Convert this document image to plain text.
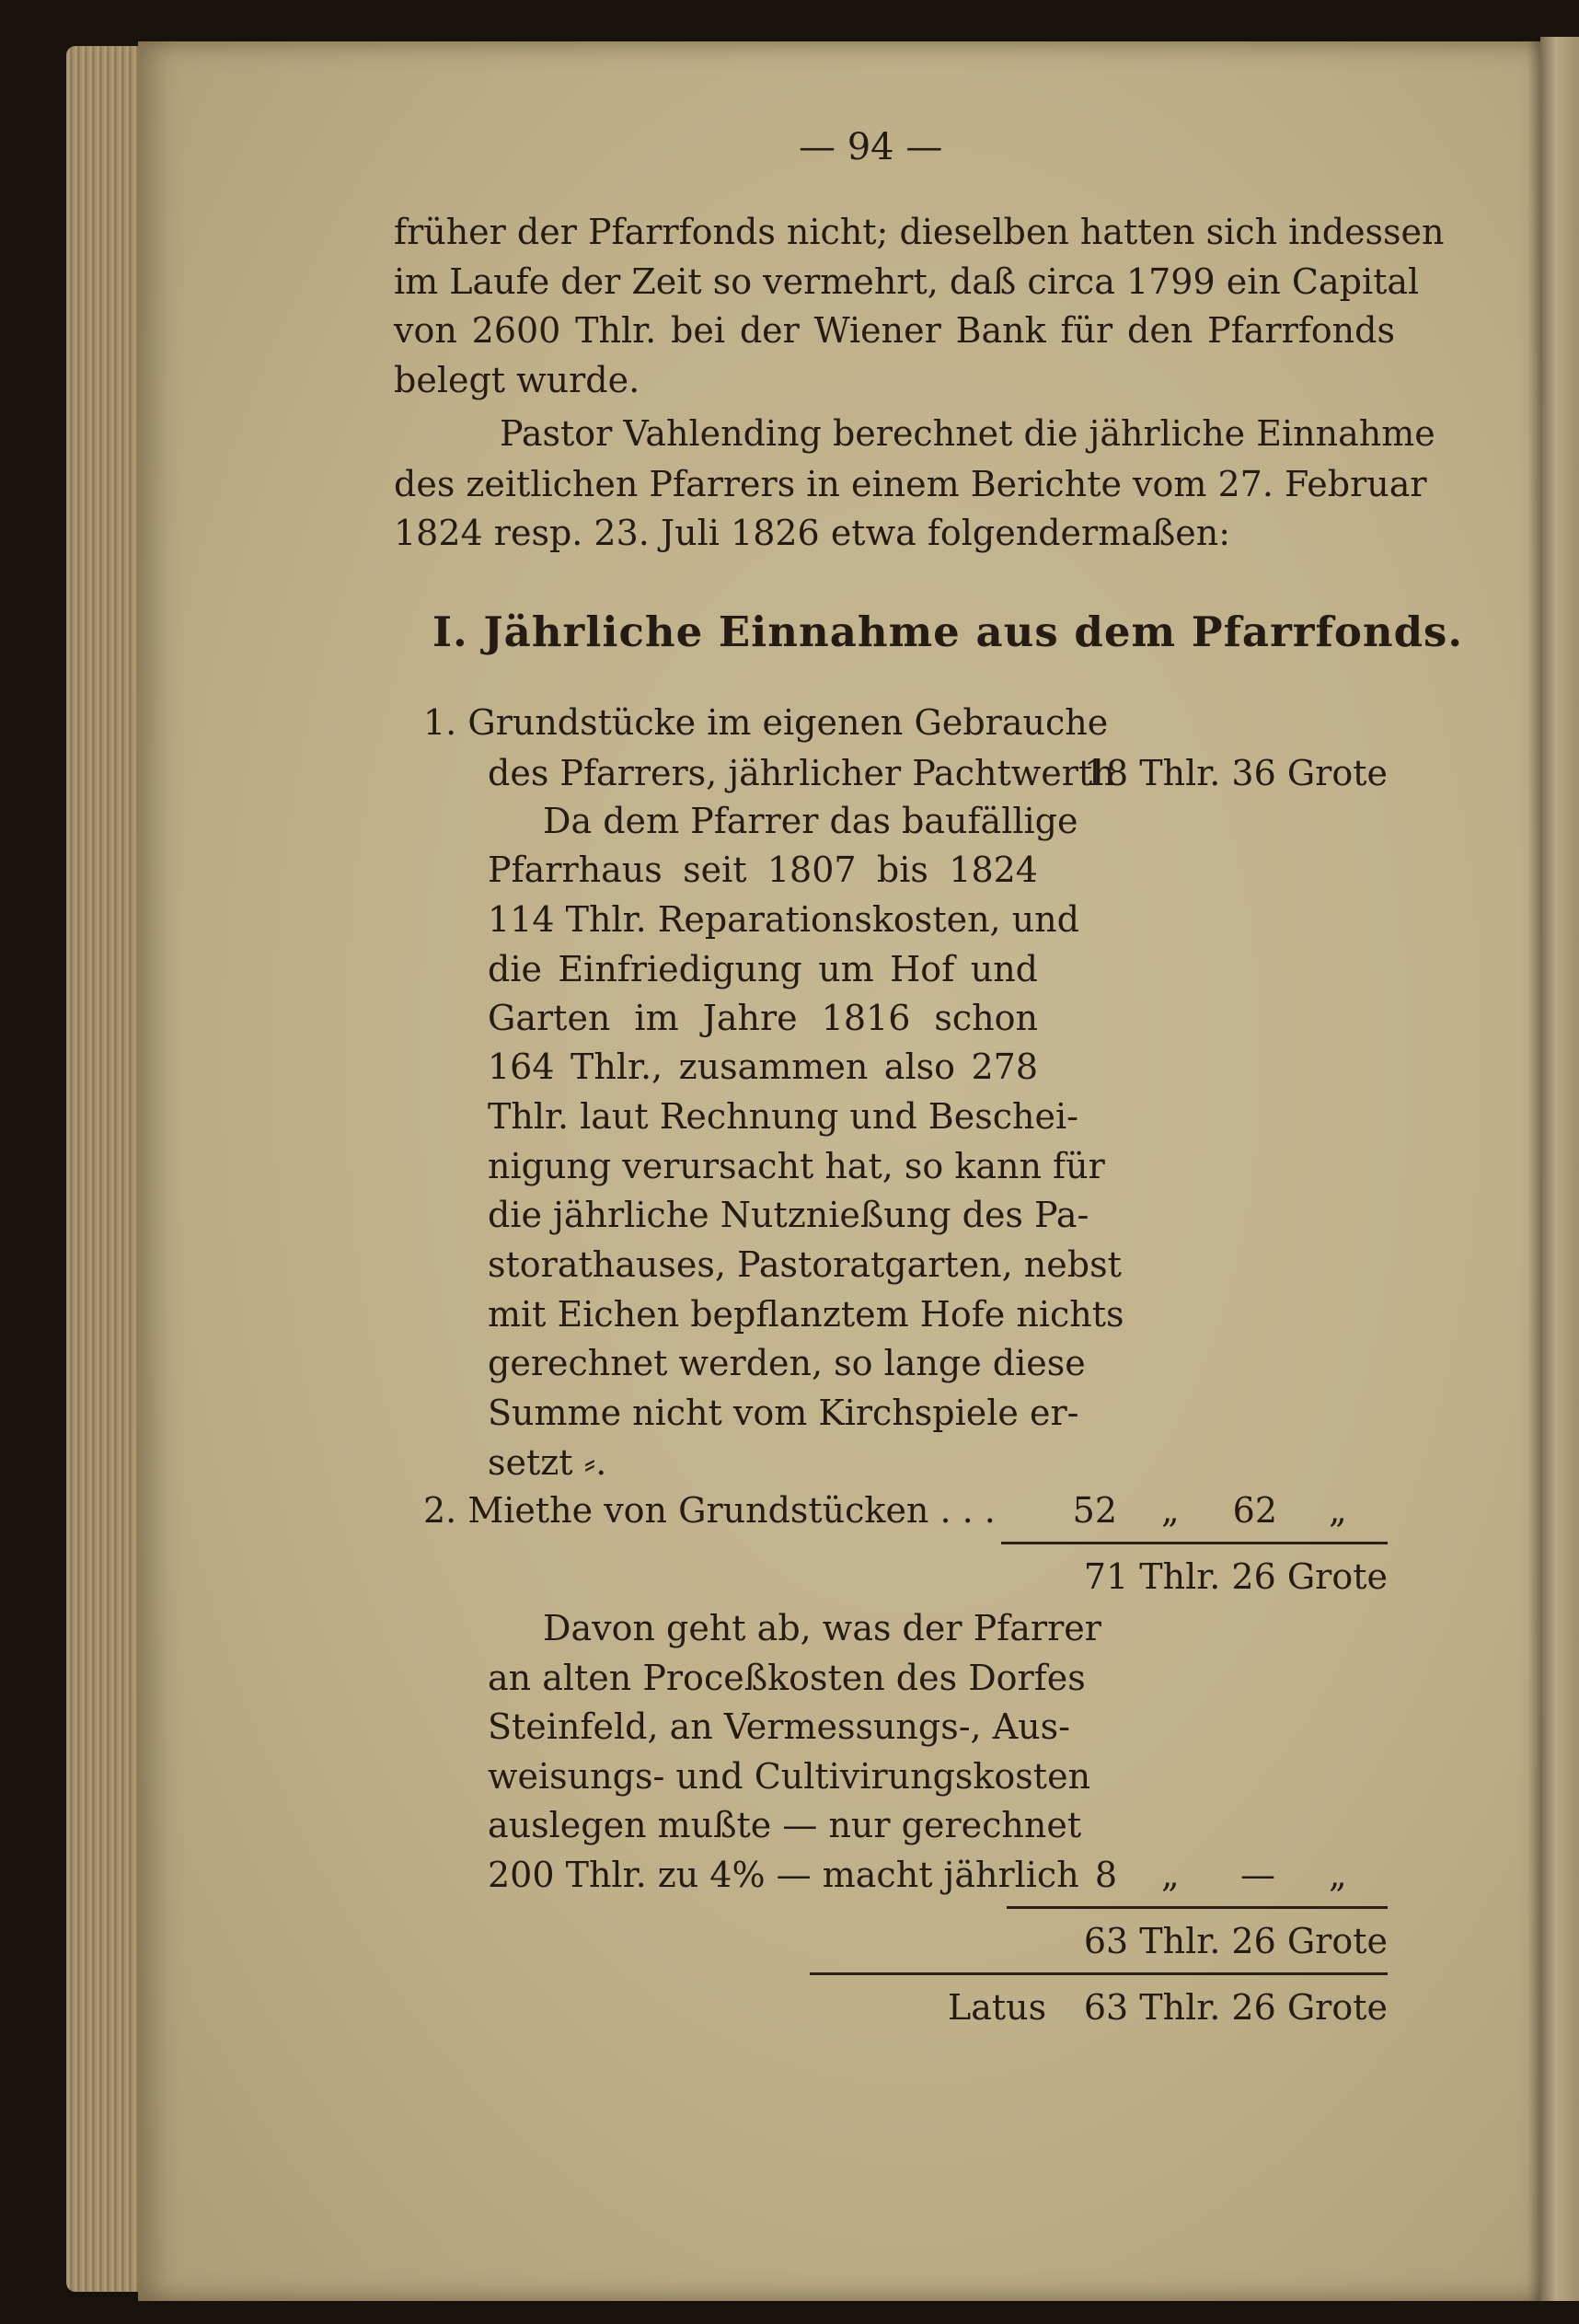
— 94 —
früher der Pfarrfonds nicht; dieselben hatten sich indessen
im Laufe der Zeit so vermehrt, daß circa 1799 ein Capital
von 2600 Thlr. bei der Wiener Bank für den Pfarrfonds
belegt wurde.
Pastor Vahlending berechnet die jährliche Einnahme
des zeitlichen Pfarrers in einem Berichte vom 27. Februar
1824 resp. 23. Juli 1826 etwa folgendermaßen:
I. Jährliche Einnahme aus dem Pfarrfonds.
1. Grundstücke im eigenen Gebrauche
des Pfarrers, jährlicher Pachtwerth
18 Thlr. 36 Grote
Da dem Pfarrer das baufällige
Pfarrhaus seit 1807 bis 1824
114 Thlr. Reparationskosten, und
die Einfriedigung um Hof und
Garten im Jahre 1816 schon
164 Thlr., zusammen also 278
Thlr. laut Rechnung und Beschei-
nigung verursacht hat, so kann für
die jährliche Nutznießung des Pa-
storathauses, Pastoratgarten, nebst
mit Eichen bepflanztem Hofe nichts
gerechnet werden, so lange diese
Summe nicht vom Kirchspiele er-
setzt ⸗.
2. Miethe von Grundstücken . . .	52 „	62 „
71 Thlr. 26 Grote
Davon geht ab, was der Pfarrer
an alten Proceßkosten des Dorfes
Steinfeld, an Vermessungs-, Aus-
weisungs- und Cultivirungskosten
auslegen mußte — nur gerechnet
200 Thlr. zu 4% — macht jährlich 8 „ — „
63 Thlr. 26 Grote
Latus	63 Thlr. 26 Grote
